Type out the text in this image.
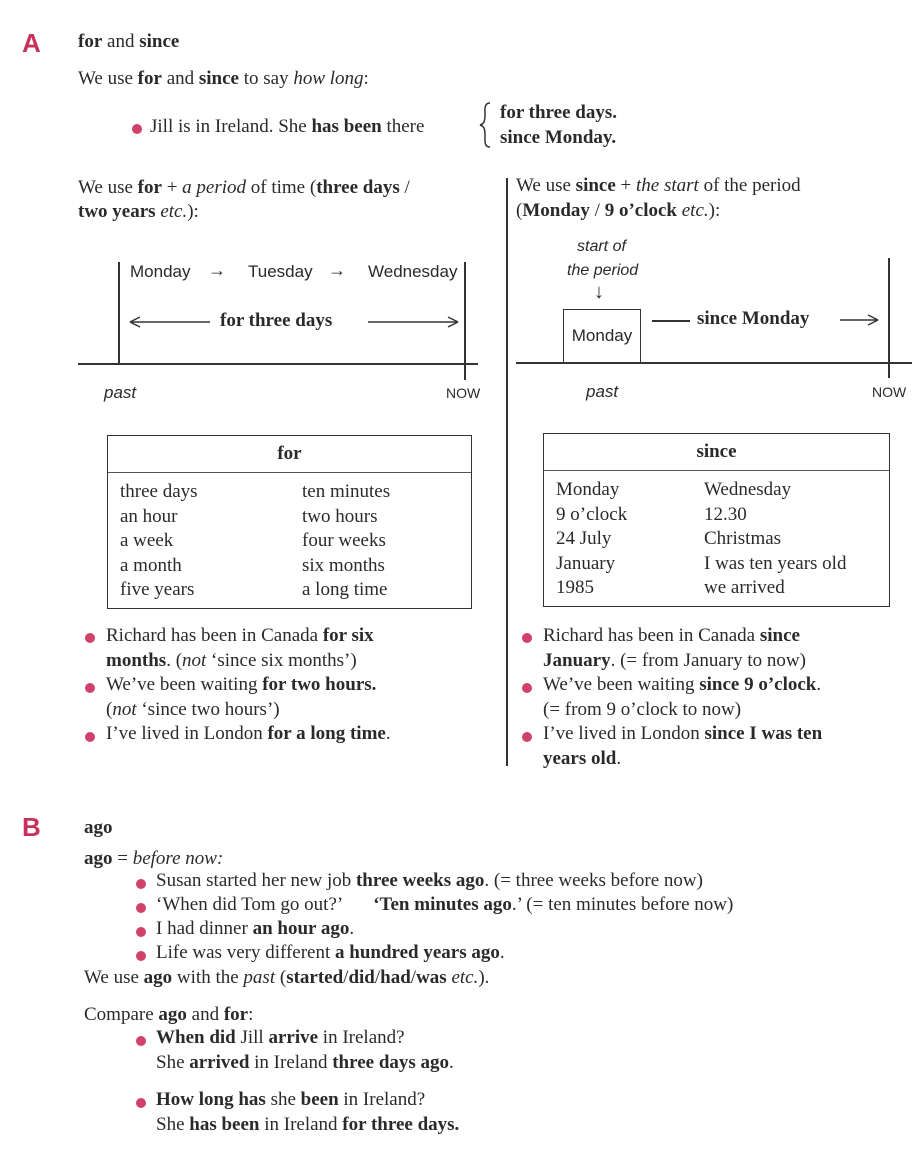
A for and since
We use for and since to say how long:
Jill is in Ireland. She has been there
for three days.
since Monday.
We use for + a period of time (three days /
two years etc.):
Monday → Tuesday → Wednesday
for three days
past	NOW
for
three days
an hour
a week
a month
five years
ten minutes
two hours
four weeks
six months
a long time
Richard has been in Canada for six
months. (not ‘since six months’)
We’ve been waiting for two hours.
(not ‘since two hours’)
I’ve lived in London for a long time.
We use since + the start of the period
(Monday / 9 o’clock etc.):
start of
the period
↓
Monday
since Monday
past	NOW
since
Monday
9 o’clock
24 July
January
1985
Wednesday
12.30
Christmas
I was ten years old
we arrived
Richard has been in Canada since
January. (= from January to now)
We’ve been waiting since 9 o’clock.
(= from 9 o’clock to now)
I’ve lived in London since I was ten
years old.
B ago
ago = before now:
Susan started her new job three weeks ago. (= three weeks before now)
‘When did Tom go out?’ ‘Ten minutes ago.’ (= ten minutes before now)
I had dinner an hour ago.
Life was very different a hundred years ago.
We use ago with the past (started/did/had/was etc.).
Compare ago and for:
When did Jill arrive in Ireland?
She arrived in Ireland three days ago.
How long has she been in Ireland?
She has been in Ireland for three days.
